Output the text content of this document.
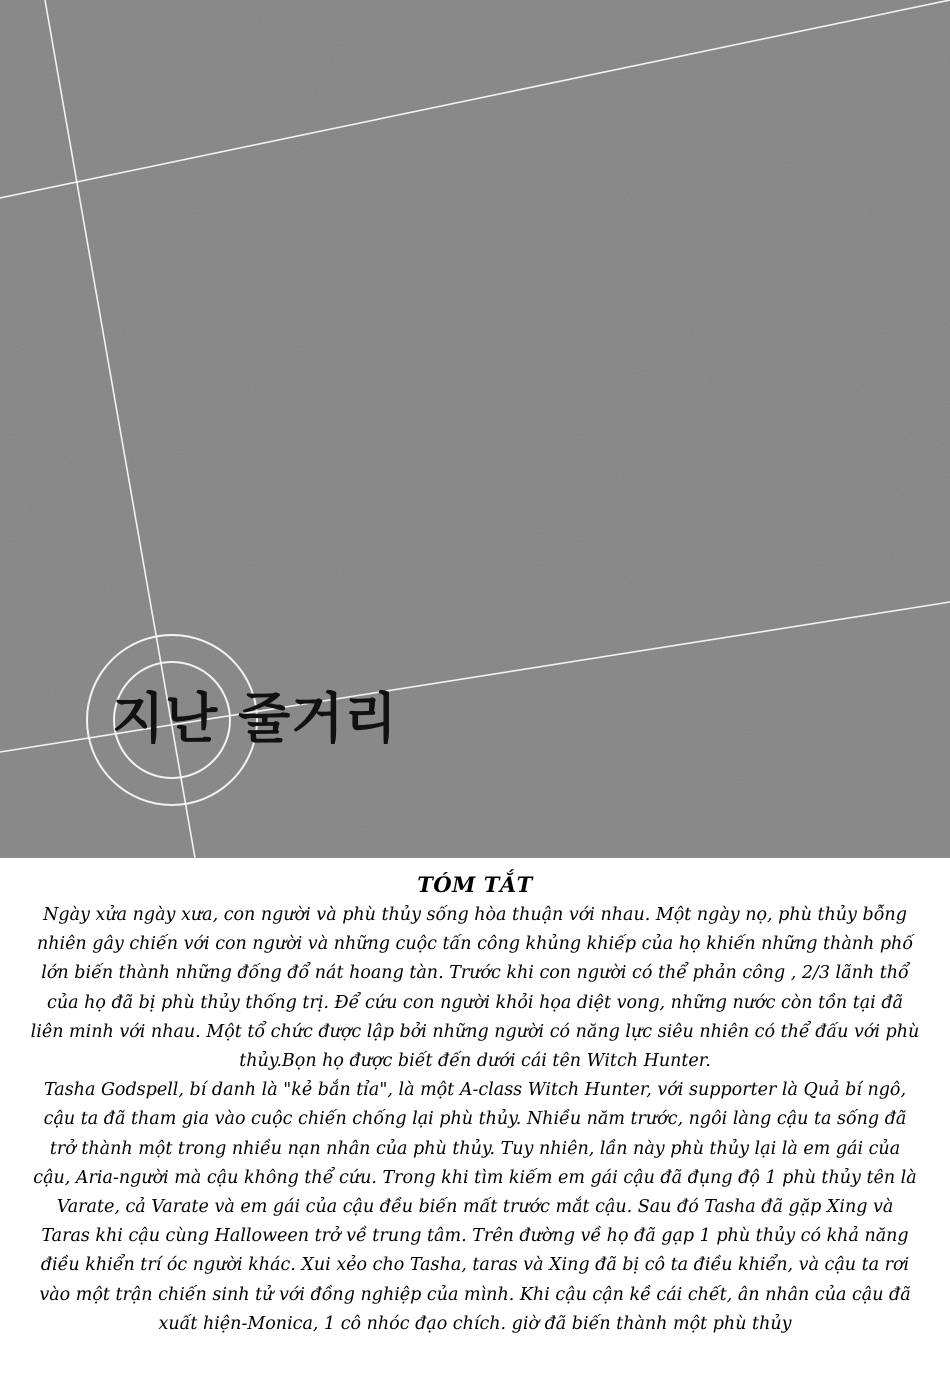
지난 줄거리
TÓM TẮT

Ngày xửa ngày xưa, con người và phù thủy sống hòa thuận với nhau. Một ngày nọ, phù thủy bỗng nhiên gây chiến với con người và những cuộc tấn công khủng khiếp của họ khiến những thành phố lớn biến thành những đống đổ nát hoang tàn. Trước khi con người có thể phản công , 2/3 lãnh thổ của họ đã bị phù thủy thống trị. Để cứu con người khỏi họa diệt vong, những nước còn tồn tại đã liên minh với nhau. Một tổ chức được lập bởi những người có năng lực siêu nhiên có thể đấu với phù thủy.Bọn họ được biết đến dưới cái tên Witch Hunter.

Tasha Godspell, bí danh là "kẻ bắn tỉa", là một A-class Witch Hunter, với supporter là Quả bí ngô, cậu ta đã tham gia vào cuộc chiến chống lại phù thủy. Nhiều năm trước, ngôi làng cậu ta sống đã trở thành một trong nhiều nạn nhân của phù thủy. Tuy nhiên, lần này phù thủy lại là em gái của cậu, Aria-người mà cậu không thể cứu. Trong khi tìm kiếm em gái cậu đã đụng độ 1 phù thủy tên là Varate, cả Varate và em gái của cậu đều biến mất trước mắt cậu. Sau đó Tasha đã gặp Xing và Taras khi cậu cùng Halloween trở về trung tâm. Trên đường về họ đã gạp 1 phù thủy có khả năng điều khiển trí óc người khác. Xui xẻo cho Tasha, taras và Xing đã bị cô ta điều khiển, và cậu ta rơi vào một trận chiến sinh tử với đồng nghiệp của mình. Khi cậu cận kề cái chết, ân nhân của cậu đã xuất hiện-Monica, 1 cô nhóc đạo chích. giờ đã biến thành một phù thủy
